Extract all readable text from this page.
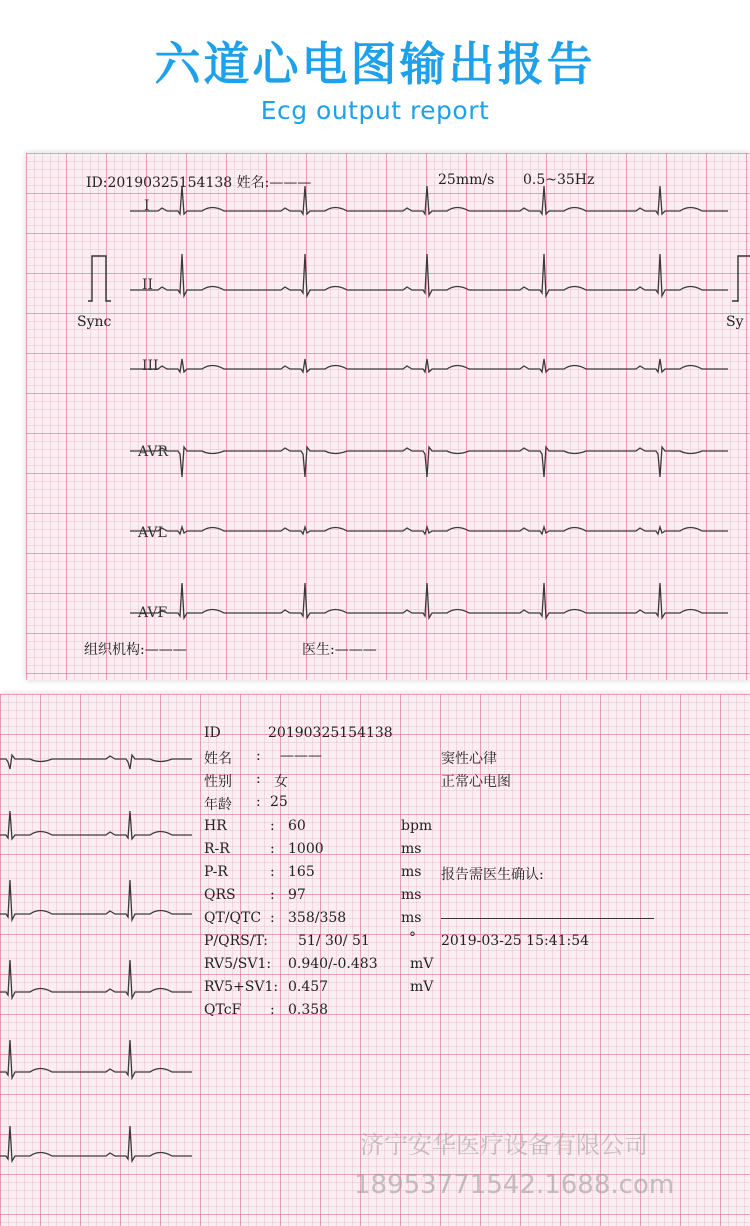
六道心电图输出报告
Ecg output report
ID:20190325154138 姓名:———	25mm/s 0.5~35Hz
Sync	Sy
I
II
III
AVR
AVL
AVF
组织机构:———	医生:———
ID	20190325154138
姓名 : ———
性别 : 女
年龄 : 25
HR	: 60	bpm
R-R	: 1000	ms
P-R	: 165	ms
QRS : 97	ms
QT/QTC : 358/358	ms
P/QRS/T: 51/ 30/ 51	°
RV5/SV1: 0.940/-0.483 mV
RV5+SV1: 0.457	mV
QTcF : 0.358
窦性心律
正常心电图
报告需医生确认:
2019-03-25 15:41:54
济宁安华医疗设备有限公司
18953771542.1688.com
